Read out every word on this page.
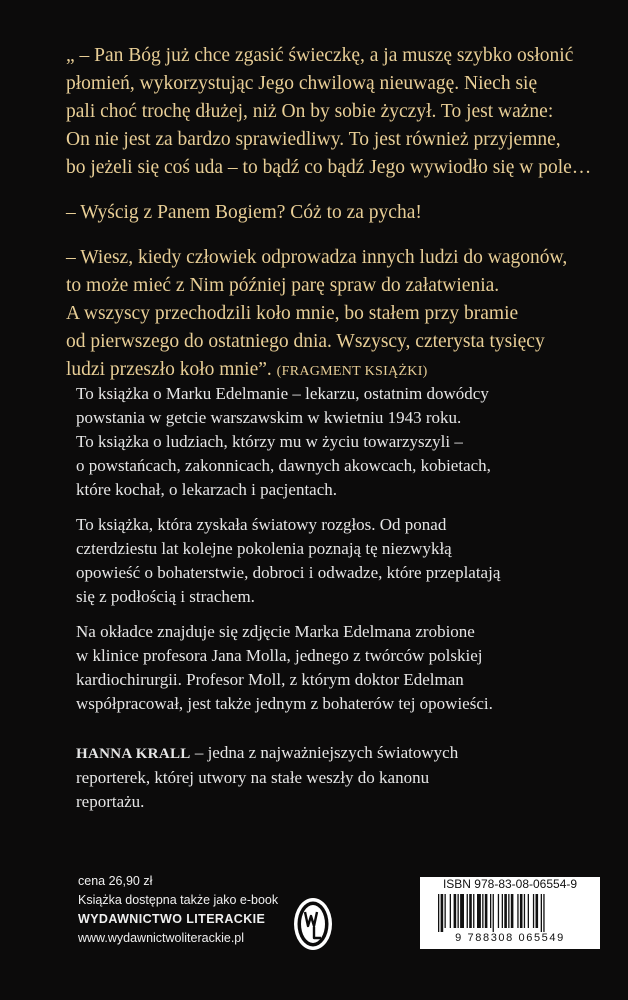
„ – Pan Bóg już chce zgasić świeczkę, a ja muszę szybko osłonić
płomień, wykorzystując Jego chwilową nieuwagę. Niech się
pali choć trochę dłużej, niż On by sobie życzył. To jest ważne:
On nie jest za bardzo sprawiedliwy. To jest również przyjemne,
bo jeżeli się coś uda – to bądź co bądź Jego wywiodło się w pole…

– Wyścig z Panem Bogiem? Cóż to za pycha!

– Wiesz, kiedy człowiek odprowadza innych ludzi do wagonów,
to może mieć z Nim później parę spraw do załatwienia.
A wszyscy przechodzili koło mnie, bo stałem przy bramie
od pierwszego do ostatniego dnia. Wszyscy, czterysta tysięcy
ludzi przeszło koło mnie”. (FRAGMENT KSIĄŻKI)

To książka o Marku Edelmanie – lekarzu, ostatnim dowódcy
powstania w getcie warszawskim w kwietniu 1943 roku.
To książka o ludziach, którzy mu w życiu towarzyszyli –
o powstańcach, zakonnicach, dawnych akowcach, kobietach,
które kochał, o lekarzach i pacjentach.

To książka, która zyskała światowy rozgłos. Od ponad
czterdziestu lat kolejne pokolenia poznają tę niezwykłą
opowieść o bohaterstwie, dobroci i odwadze, które przeplatają
się z podłością i strachem.

Na okładce znajduje się zdjęcie Marka Edelmana zrobione
w klinice profesora Jana Molla, jednego z twórców polskiej
kardiochirurgii. Profesor Moll, z którym doktor Edelman
współpracował, jest także jednym z bohaterów tej opowieści.

HANNA KRALL – jedna z najważniejszych światowych
reporterek, której utwory na stałe weszły do kanonu
reportażu.

cena 26,90 zł
Książka dostępna także jako e-book
WYDAWNICTWO LITERACKIE
www.wydawnictwoliterackie.pl
ISBN 978-83-08-06554-9
9 788308 065549
